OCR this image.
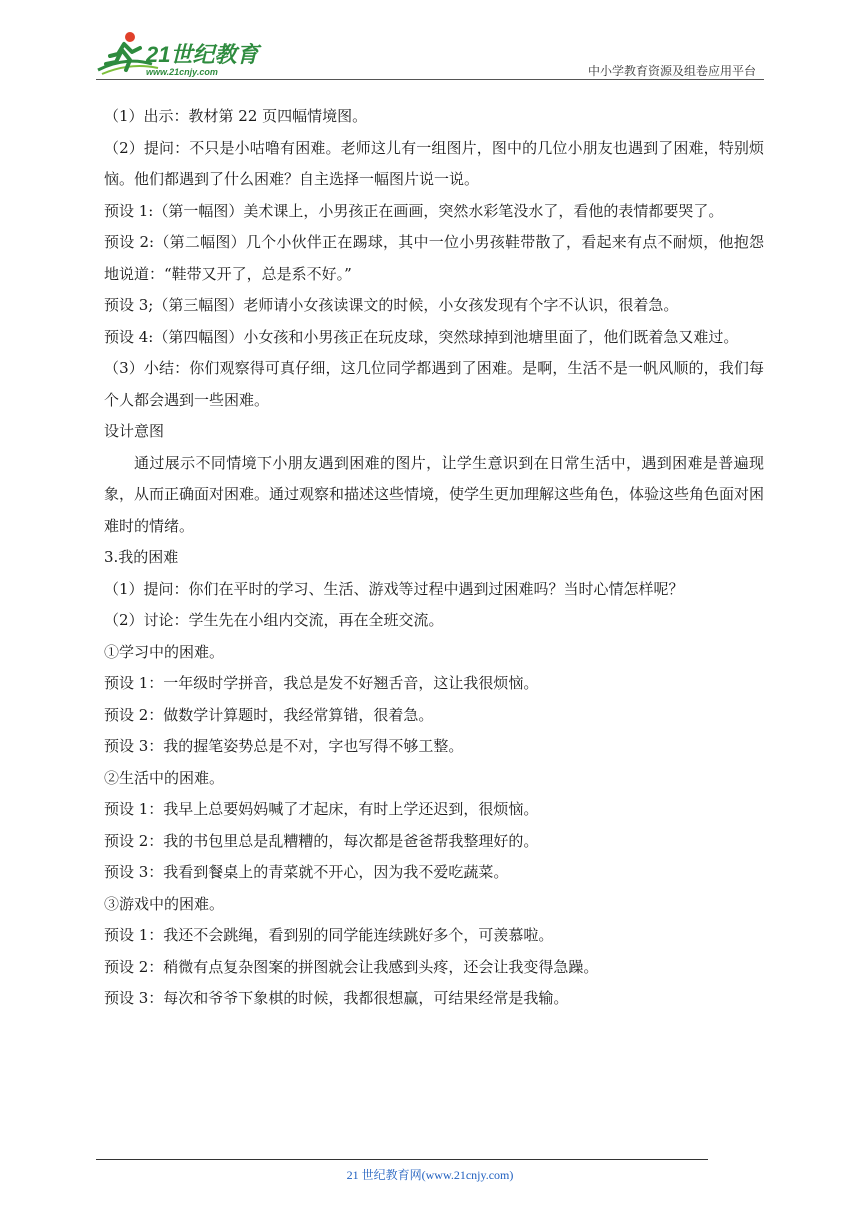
21世纪教育
www.21cnjy.com	中小学教育资源及组卷应用平台

（1）出示：教材第 22 页四幅情境图。

（2）提问：不只是小咕噜有困难。老师这儿有一组图片，图中的几位小朋友也遇到了困难，特别烦恼。他们都遇到了什么困难？自主选择一幅图片说一说。

预设 1:（第一幅图）美术课上，小男孩正在画画，突然水彩笔没水了，看他的表情都要哭了。

预设 2:（第二幅图）几个小伙伴正在踢球，其中一位小男孩鞋带散了，看起来有点不耐烦，他抱怨地说道：“鞋带又开了，总是系不好。”

预设 3;（第三幅图）老师请小女孩读课文的时候，小女孩发现有个字不认识，很着急。

预设 4:（第四幅图）小女孩和小男孩正在玩皮球，突然球掉到池塘里面了，他们既着急又难过。

（3）小结：你们观察得可真仔细，这几位同学都遇到了困难。是啊，生活不是一帆风顺的，我们每个人都会遇到一些困难。

设计意图

通过展示不同情境下小朋友遇到困难的图片，让学生意识到在日常生活中，遇到困难是普遍现象，从而正确面对困难。通过观察和描述这些情境，使学生更加理解这些角色，体验这些角色面对困难时的情绪。

3.我的困难

（1）提问：你们在平时的学习、生活、游戏等过程中遇到过困难吗？当时心情怎样呢？

（2）讨论：学生先在小组内交流，再在全班交流。

①学习中的困难。

预设 1：一年级时学拼音，我总是发不好翘舌音，这让我很烦恼。

预设 2：做数学计算题时，我经常算错，很着急。

预设 3：我的握笔姿势总是不对，字也写得不够工整。

②生活中的困难。

预设 1：我早上总要妈妈喊了才起床，有时上学还迟到，很烦恼。

预设 2：我的书包里总是乱糟糟的，每次都是爸爸帮我整理好的。

预设 3：我看到餐桌上的青菜就不开心，因为我不爱吃蔬菜。

③游戏中的困难。

预设 1：我还不会跳绳，看到别的同学能连续跳好多个，可羡慕啦。

预设 2：稍微有点复杂图案的拼图就会让我感到头疼，还会让我变得急躁。

预设 3：每次和爷爷下象棋的时候，我都很想赢，可结果经常是我输。

21 世纪教育网(www.21cnjy.com)
